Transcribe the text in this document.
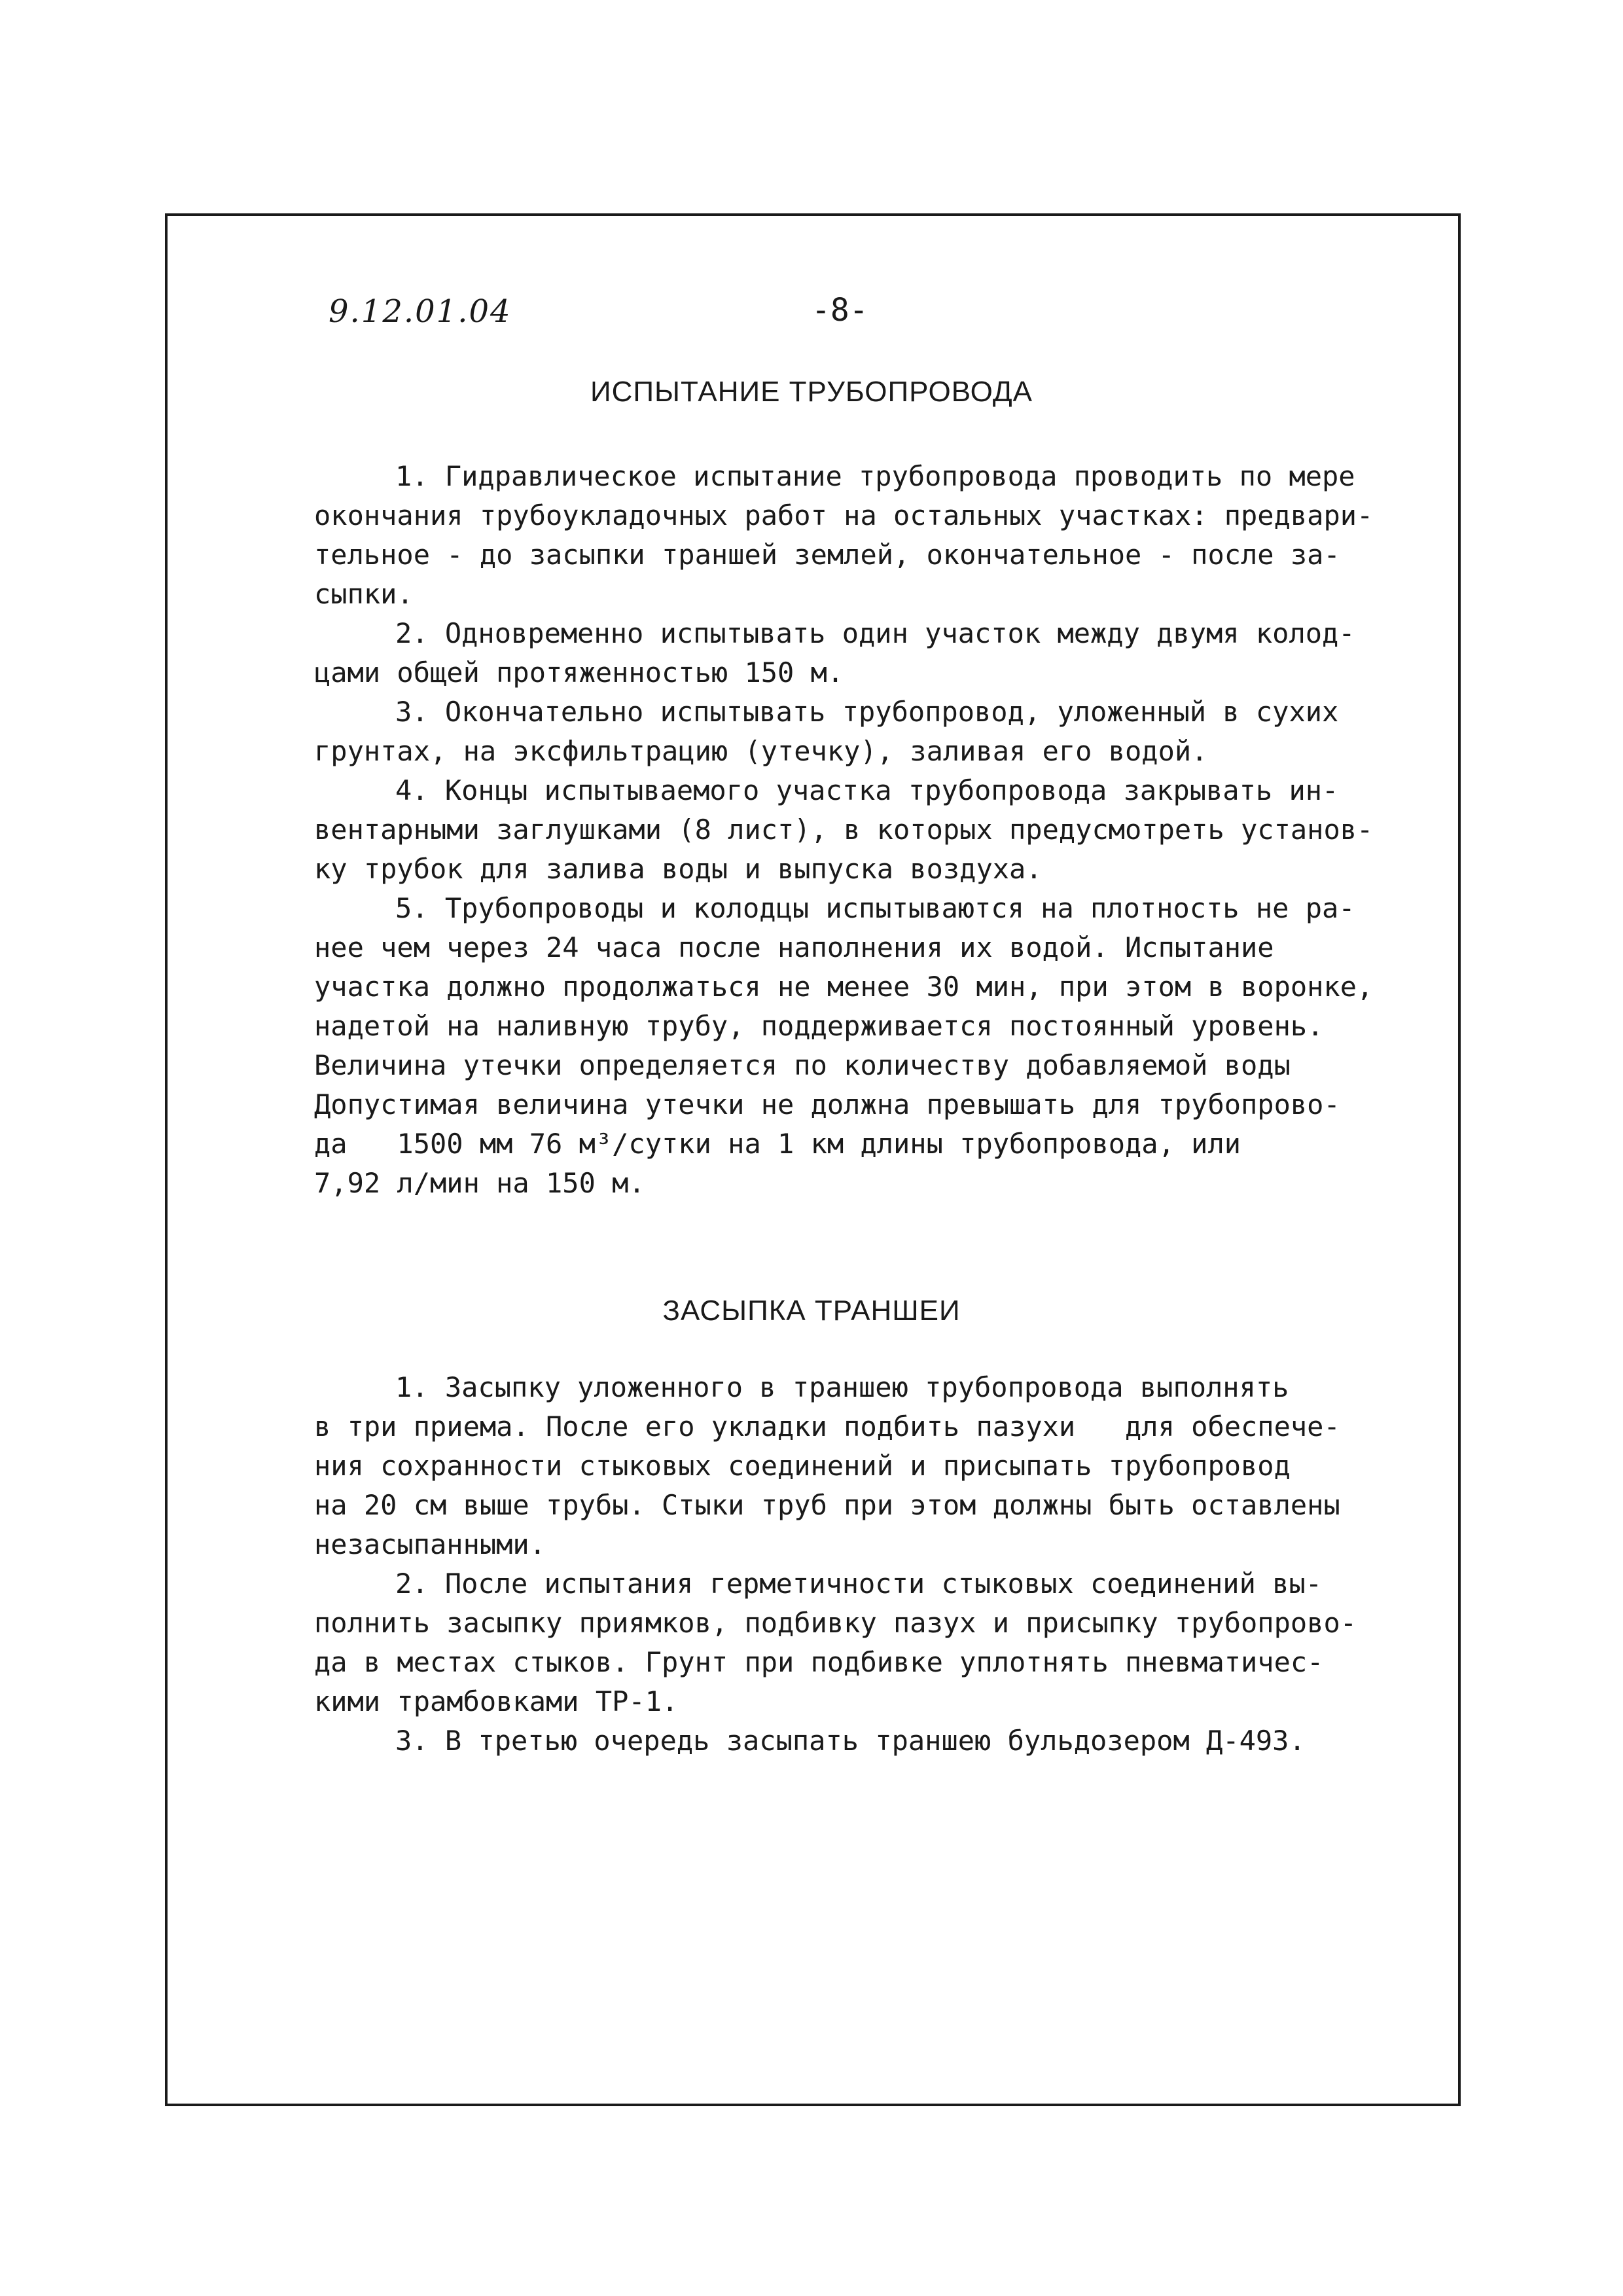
9.12.01.04	-8-
ИСПЫТАНИЕ ТРУБОПРОВОДА
1. Гидравлическое испытание трубопровода проводить по мере
окончания трубоукладочных работ на остальных участках: предвари-
тельное - до засыпки траншей землей, окончательное - после за-
сыпки.
2. Одновременно испытывать один участок между двумя колод-
цами общей протяженностью 150 м.
3. Окончательно испытывать трубопровод, уложенный в сухих
грунтах, на эксфильтрацию (утечку), заливая его водой.
4. Концы испытываемого участка трубопровода закрывать ин-
вентарными заглушками (8 лист), в которых предусмотреть установ-
ку трубок для залива воды и выпуска воздуха.
5. Трубопроводы и колодцы испытываются на плотность не ра-
нее чем через 24 часа после наполнения их водой. Испытание
участка должно продолжаться не менее 30 мин, при этом в воронке,
надетой на наливную трубу, поддерживается постоянный уровень.
Величина утечки определяется по количеству добавляемой воды
Допустимая величина утечки не должна превышать для трубопрово-
да   1500 мм 76 м³/сутки на 1 км длины трубопровода, или
7,92 л/мин на 150 м.
ЗАСЫПКА ТРАНШЕИ
1. Засыпку уложенного в траншею трубопровода выполнять
в три приема. После его укладки подбить пазухи   для обеспече-
ния сохранности стыковых соединений и присыпать трубопровод
на 20 см выше трубы. Стыки труб при этом должны быть оставлены
незасыпанными.
2. После испытания герметичности стыковых соединений вы-
полнить засыпку приямков, подбивку пазух и присыпку трубопрово-
да в местах стыков. Грунт при подбивке уплотнять пневматичес-
кими трамбовками ТР-1.
3. В третью очередь засыпать траншею бульдозером Д-493.
